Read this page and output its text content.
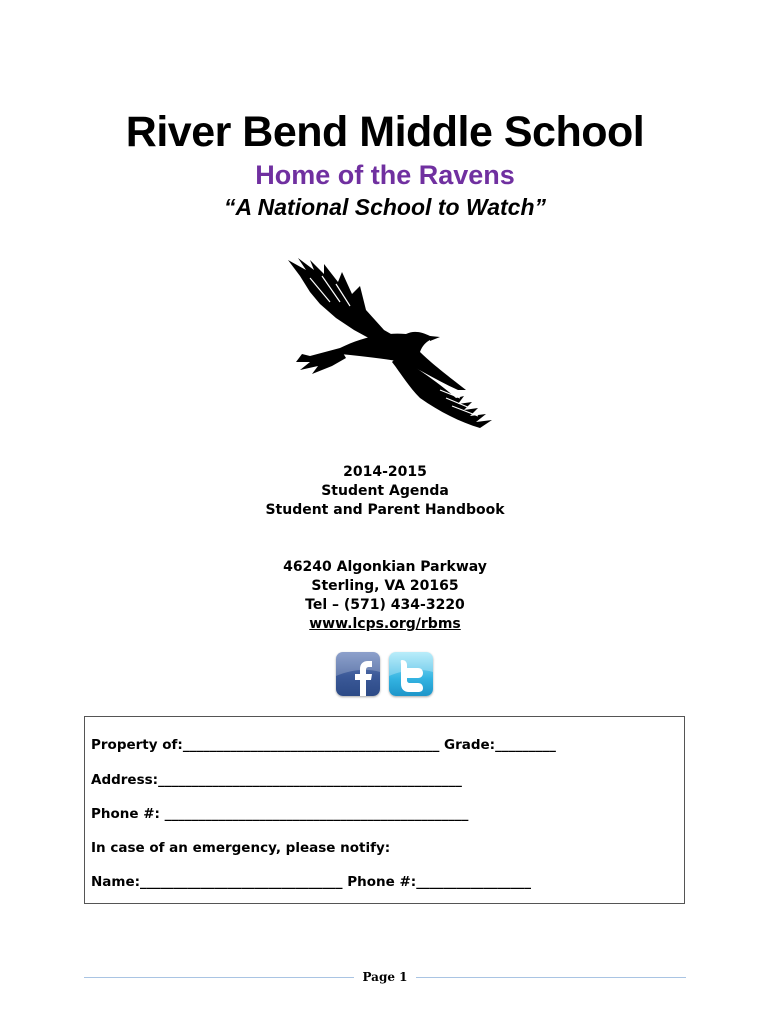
River Bend Middle School
Home of the Ravens
“A National School to Watch”
2014-2015
Student Agenda
Student and Parent Handbook
46240 Algonkian Parkway
Sterling, VA 20165
Tel – (571) 434-3220
www.lcps.org/rbms
Property of:______________________________________ Grade:_________
Address:_____________________________________________
Phone #: _____________________________________________
In case of an emergency, please notify:
Name:______________________________ Phone #:_________________
Page 1
